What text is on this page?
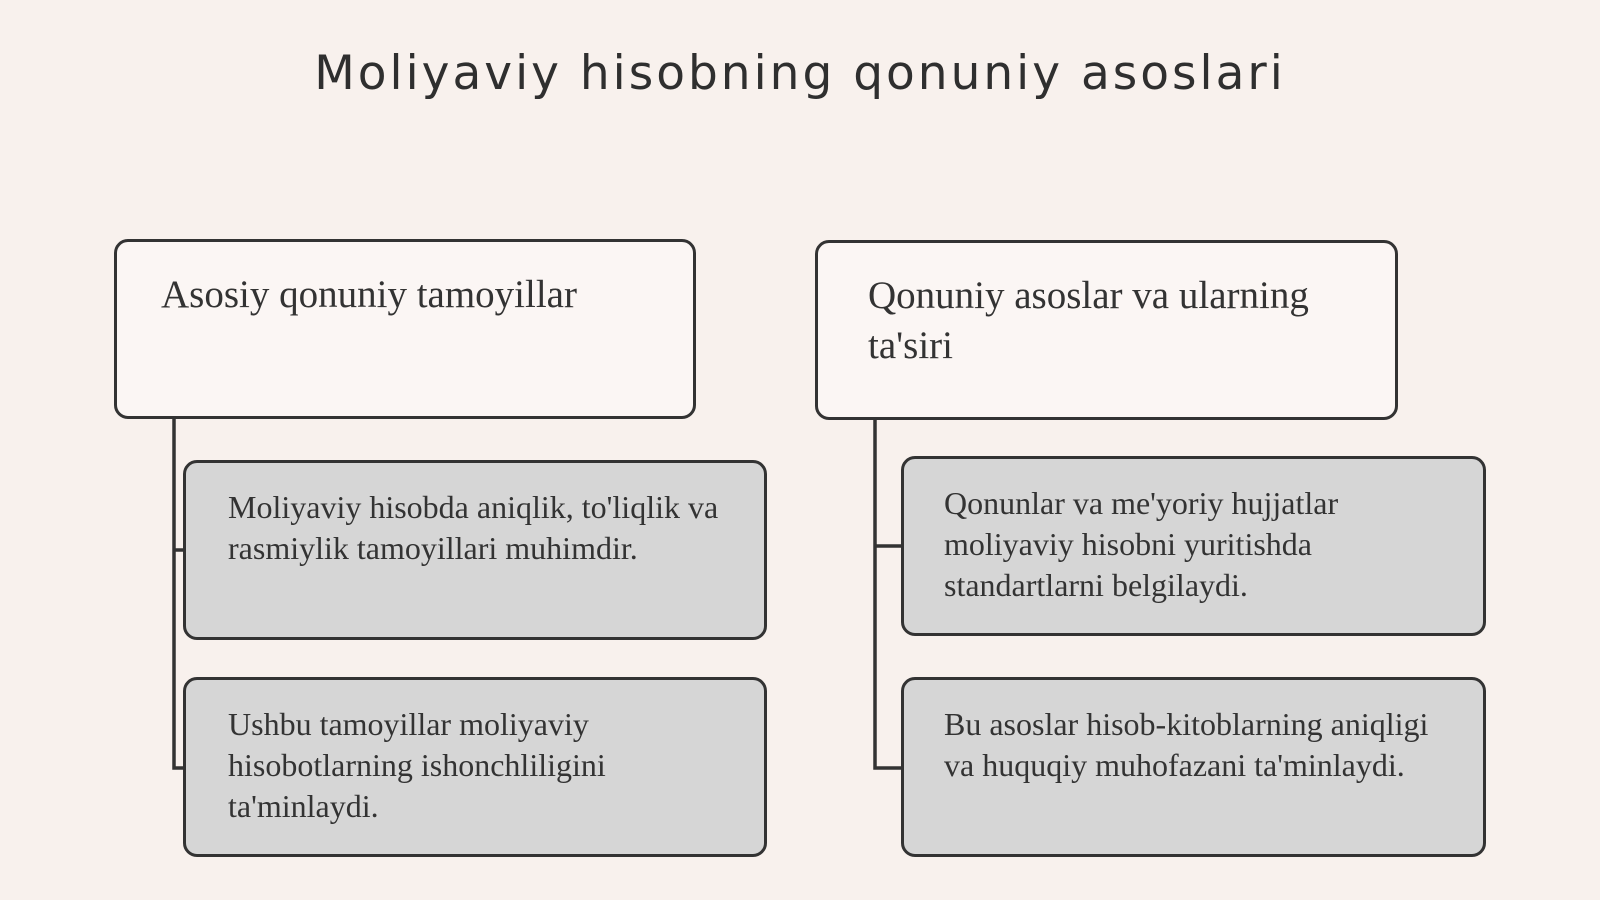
Moliyaviy hisobning qonuniy asoslari
Asosiy qonuniy tamoyillar	Qonuniy asoslar va ularning ta'siri
Moliyaviy hisobda aniqlik, to'liqlik va rasmiylik tamoyillari muhimdir.
Ushbu tamoyillar moliyaviy hisobotlarning ishonchliligini ta'minlaydi.
Qonunlar va me'yoriy hujjatlar moliyaviy hisobni yuritishda standartlarni belgilaydi.
Bu asoslar hisob-kitoblarning aniqligi va huquqiy muhofazani ta'minlaydi.
